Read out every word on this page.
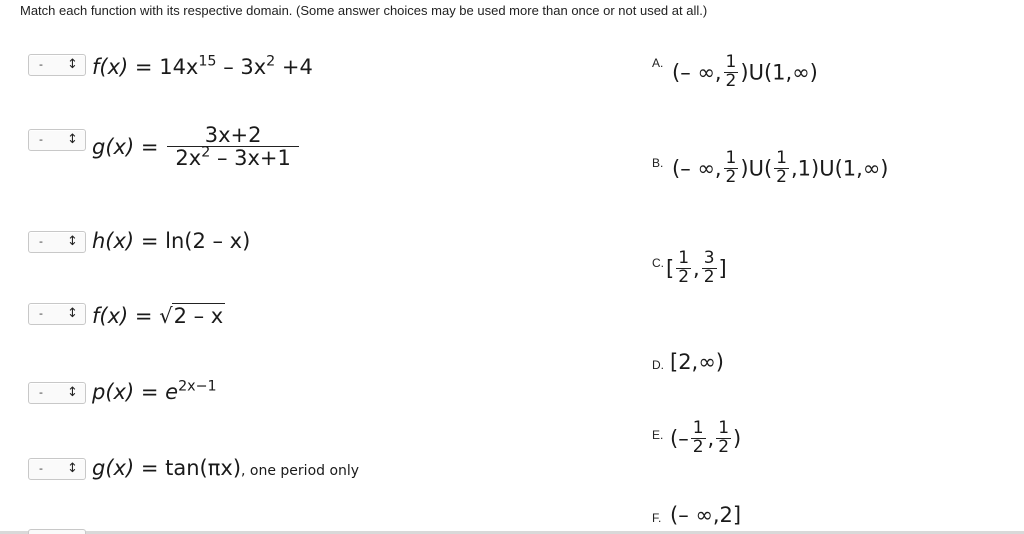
Match each function with its respective domain. (Some answer choices may be used more than once or not used at all.)
- ↕ $f(x) = 14x^{15} - 3x^2 +4$
- ↕ $g(x) = \frac{3x+2}{2x^2 - 3x+1}$
- ↕ h(x) = ln(2 – x)
- ↕ f(x) = √2 – x
- ↕ $p(x) = e^{2x-1}$
- ↕ g(x) = tan(πx), one period only
A. (– ∞, $\frac{1}{2} )U(1,\infty)$
B. (– ∞, $\frac{1}{2} )U( \frac{1}{2} ,1)U(1,\infty)$
C. [ $\frac{1}{2}$ , $\frac{3}{2}$ ]
D. [2,∞)
E. (– $\frac{1}{2}$ , $\frac{1}{2}$ )
F. (– ∞,2]
